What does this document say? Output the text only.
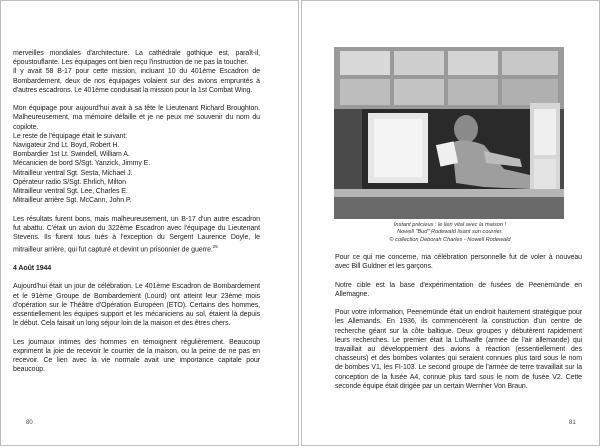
merveilles mondiales d'architecture. La cathédrale gothique est, paraît-il, époustouflante. Les équipages ont bien reçu l'instruction de ne pas la toucher.

Il y avait 58 B-17 pour cette mission, incluant 10 du 401ème Escadron de Bombardement, deux de nos équipages volaient sur des avions empruntés à d'autres escadrons. Le 401ème conduisait la mission pour la 1st Combat Wing.

Mon équipage pour aujourd'hui avait à sa tête le Lieutenant Richard Broughton. Malheureusement, ma mémoire défaille et je ne peux me souvenir du nom du copilote.

Le reste de l'équipage était le suivant:

Navigateur 2nd Lt. Boyd, Robert H.

Bombardier 1st Lt. Swindell, William A.

Mécanicien de bord S/Sgt. Yanzick, Jimmy E.

Mitrailleur ventral Sgt. Sesta, Michael J.

Opérateur radio S/Sgt. Ehrlich, Milton

Mitrailleur ventral Sgt. Lee, Charles E.

Mitrailleur arrière Sgt. McCann, John P.

Les résultats furent bons, mais malheureusement, un B-17 d'un autre escadron fut abattu. C'était un avion du 322ème Escadron avec l'équipage du Lieutenant Stevens. Ils furent tous tués à l'exception du Sergent Laurence Doyle, le mitrailleur arrière, qui fut capturé et devint un prisonnier de guerre.$^{25}$

4 Août 1944

Aujourd'hui était un jour de célébration. Le 401ème Escadron de Bombardement et le 91ème Groupe de Bombardement (Lourd) ont atteint leur 23ème mois d'opération sur le Théâtre d'Opération Européen (ETO). Certains des hommes, essentiellement les équipes support et les mécaniciens au sol, étaient là depuis le début. Cela faisait un long séjour loin de la maison et des êtres chers.

Les journaux intimes des hommes en témoignent régulièrement. Beaucoup expriment la joie de recevoir le courrier de la maison, ou la peine de ne pas en recevoir. Ce lien avec la vie normale avait une importance capitale pour beaucoup.

80

Instant précieux : le lien vital avec la maison !

Nowell "Bud" Rodewald lisant son courrier.

© collection Deborah Charles - Nowell Rodewald

Pour ce qui me concerne, ma célébration personnelle fut de voler à nouveau avec Bill Guldner et les garçons.

Notre cible est la base d'expérimentation de fusées de Peenemünde en Allemagne.

Pour votre information, Peenemünde était un endroit hautement stratégique pour les Allemands. En 1936, ils commencèrent la construction d'un centre de recherche géant sur la côte baltique. Deux groupes y débutèrent rapidement leurs recherches. Le premier était la Luftwaffe (armée de l'air allemande) qui travaillait au développement des avions à réaction (essentiellement des chasseurs) et des bombes volantes qui seraient connues plus tard sous le nom de bombes V1, les FI-103. Le second groupe de l'armée de terre travaillait sur la conception de la fusée A4, connue plus tard sous le nom de fusée V2. Cette seconde équipe était dirigée par un certain Wernher Von Braun.

81
